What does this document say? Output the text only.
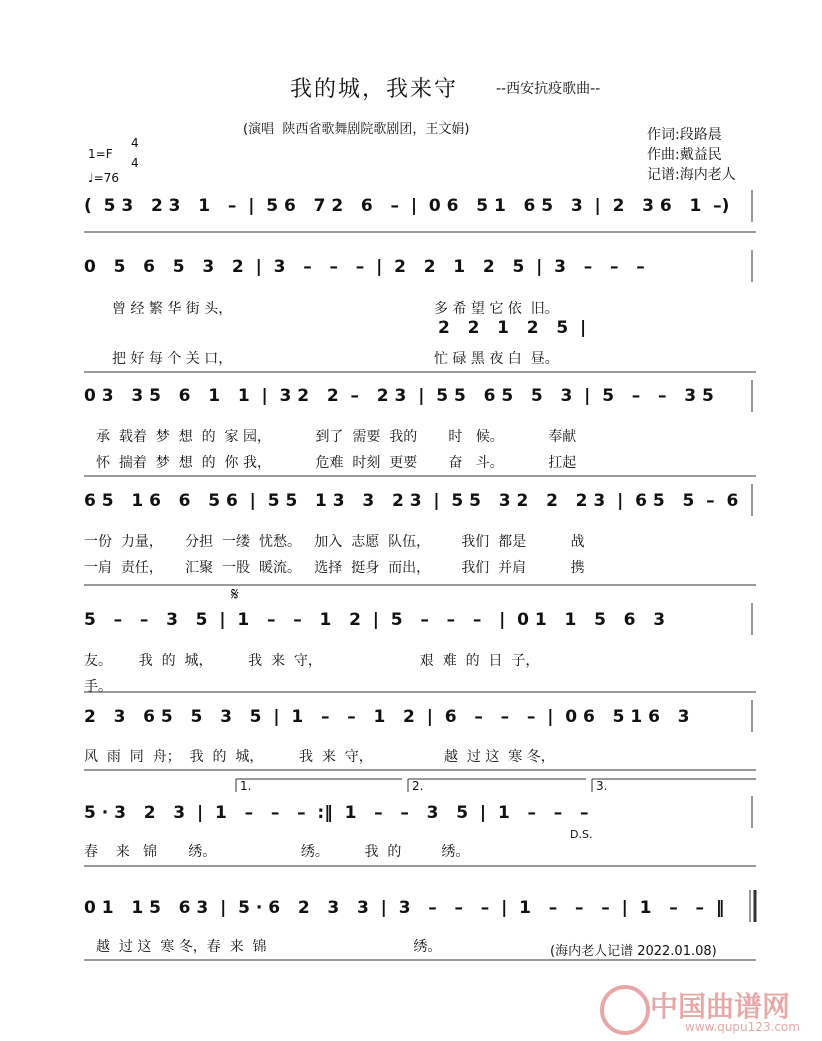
我的城，我来守	--西安抗疫歌曲--
(演唱  陕西省歌舞剧院歌剧团，王文娟)	作词:段路晨
作曲:戴益民
记谱:海内老人
1=F
4
4
♩=76
(  5 3   2 3   1   –  |  5 6   7 2   6   –  |  0 6   5 1   6 5   3  |  2   3 6   1  –)
0   5   6   5   3   2  |  3   –   –   –  |  2   2   1   2   5  |  3   –   –   –
曾 经 繁 华 街 头，	多 希 望 它 依  旧。
2   2   1   2   5  |
把 好 每 个 关 口，	忙 碌 黑 夜 白  昼。
0 3   3 5   6   1   1  |  3 2   2  –   2 3  |  5 5   6 5   5   3  |  5   –   –   3 5
承  载着  梦  想  的  家 园，          到了  需要  我的       时   候。          奉献
怀  揣着  梦  想  的  你 我，          危难  时刻  更要       奋   斗。          扛起
6 5   1 6   6   5 6  |  5 5   1 3   3   2 3  |  5 5   3 2   2   2 3  |  6 5   5  –  6
一份  力量，     分担  一缕  忧愁。   加入  志愿  队伍，       我们  都是          战
一肩  责任，     汇聚  一股  暖流。   选择  挺身  而出，       我们  并肩          携
𝄋
5   –   –   3   5  |  1   –   –   1   2  |  5   –   –   –   |  0 1   1   5   6   3
友。      我  的  城，        我  来  守，                      艰  难  的  日  子，
手。
2   3   6 5   5   3   5  |  1   –   –   1   2  |  6   –   –   –  |  0 6   5 1 6   3
风  雨  同  舟；  我  的  城，        我  来  守，                越  过 这  寒 冬，
1.	2.	3.
5 · 3   2   3  |  1   –   –   –  :‖  1   –   –   3   5  |  1   –   –   –
D.S.
春    来   锦       绣。                   绣。        我  的         绣。
0 1   1 5   6 3  |  5 · 6   2   3   3  |  3   –   –   –  |  1   –   –   –  |  1   –   –  ‖
越  过 这  寒 冬，春  来  锦                                 绣。	(海内老人记谱 2022.01.08)
中国曲谱网
www.qupu123.com
